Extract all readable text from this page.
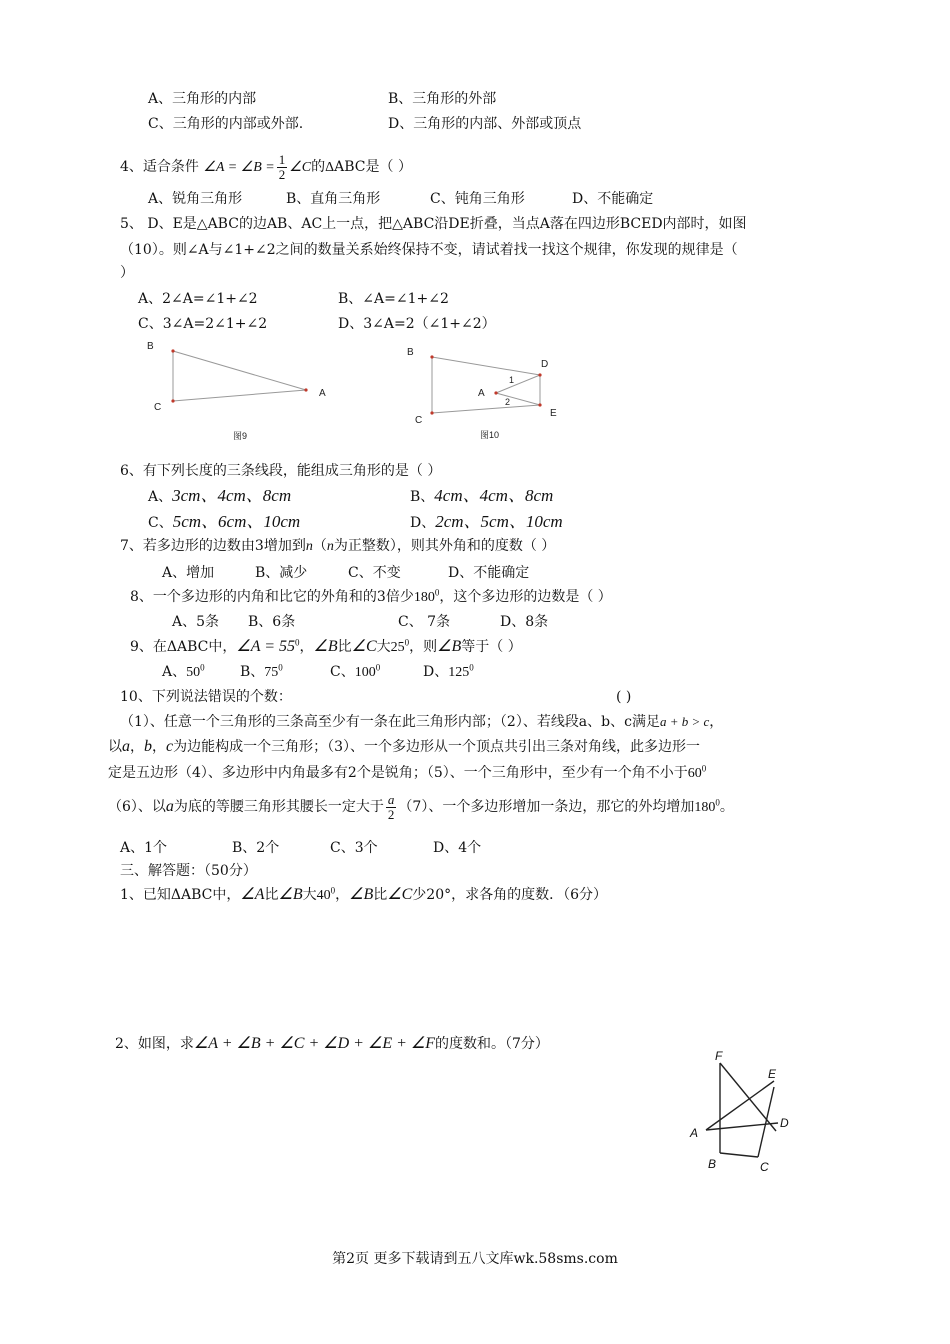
A、三角形的内部	B、三角形的外部
C、三角形的内部或外部.	D、三角形的内部、外部或顶点
4、适合条件 ∠A = ∠B = $\frac{1}{2}$ ∠C的ΔABC是（ ）
A、锐角三角形	B、直角三角形	C、钝角三角形	D、不能确定
5、 D、E是△ABC的边AB、AC上一点，把△ABC沿DE折叠，当点A落在四边形BCED内部时，如图
（10）。则∠A与∠1+∠2之间的数量关系始终保持不变，请试着找一找这个规律，你发现的规律是（
）
A、2∠A=∠1+∠2	B、∠A=∠1+∠2
C、3∠A=2∠1+∠2	D、3∠A=2（∠1+∠2）
B
C
A
图9
B
C
A
D
E
1
2
图10
6、有下列长度的三条线段，能组成三角形的是（ ）
A、3cm、4cm、8cm	B、4cm、4cm、8cm
C、5cm、6cm、10cm	D、2cm、5cm、10cm
7、若多边形的边数由3增加到n（n为正整数），则其外角和的度数（ ）
A、增加	B、减少	C、不变	D、不能确定
8、一个多边形的内角和比它的外角和的3倍少$180^0$，这个多边形的边数是（ ）
A、5条 B、6条	C、 7条	D、8条
9、在ΔABC中，∠A = $55^0$，∠B比∠C大$25^0$，则∠B等于（ ）
A、$50^0$	B、$75^0$	C、$100^0$	D、$125^0$
10、下列说法错误的个数：	( )
（1）、任意一个三角形的三条高至少有一条在此三角形内部；（2）、若线段a、b、c满足a + b > c，
以a，b，c为边能构成一个三角形；（3）、一个多边形从一个顶点共引出三条对角线，此多边形一
定是五边形（4）、多边形中内角最多有2个是锐角；（5）、一个三角形中，至少有一个角不小于$60^0$
（6）、以a为底的等腰三角形其腰长一定大于 $\frac{a}{2} (7)$、一个多边形增加一条边，那它的外均增加$180^0$。
A、1个	B、2个	C、3个	D、4个
三、解答题：（50分）
1、已知ΔABC中，∠A比∠B大$40^0$，∠B比∠C少20°，求各角的度数．（6分）
2、如图，求∠A + ∠B + ∠C + ∠D + ∠E + ∠F的度数和。（7分）
F
E
A
D
B	C
第2页 更多下载请到五八文库wk.58sms.com
